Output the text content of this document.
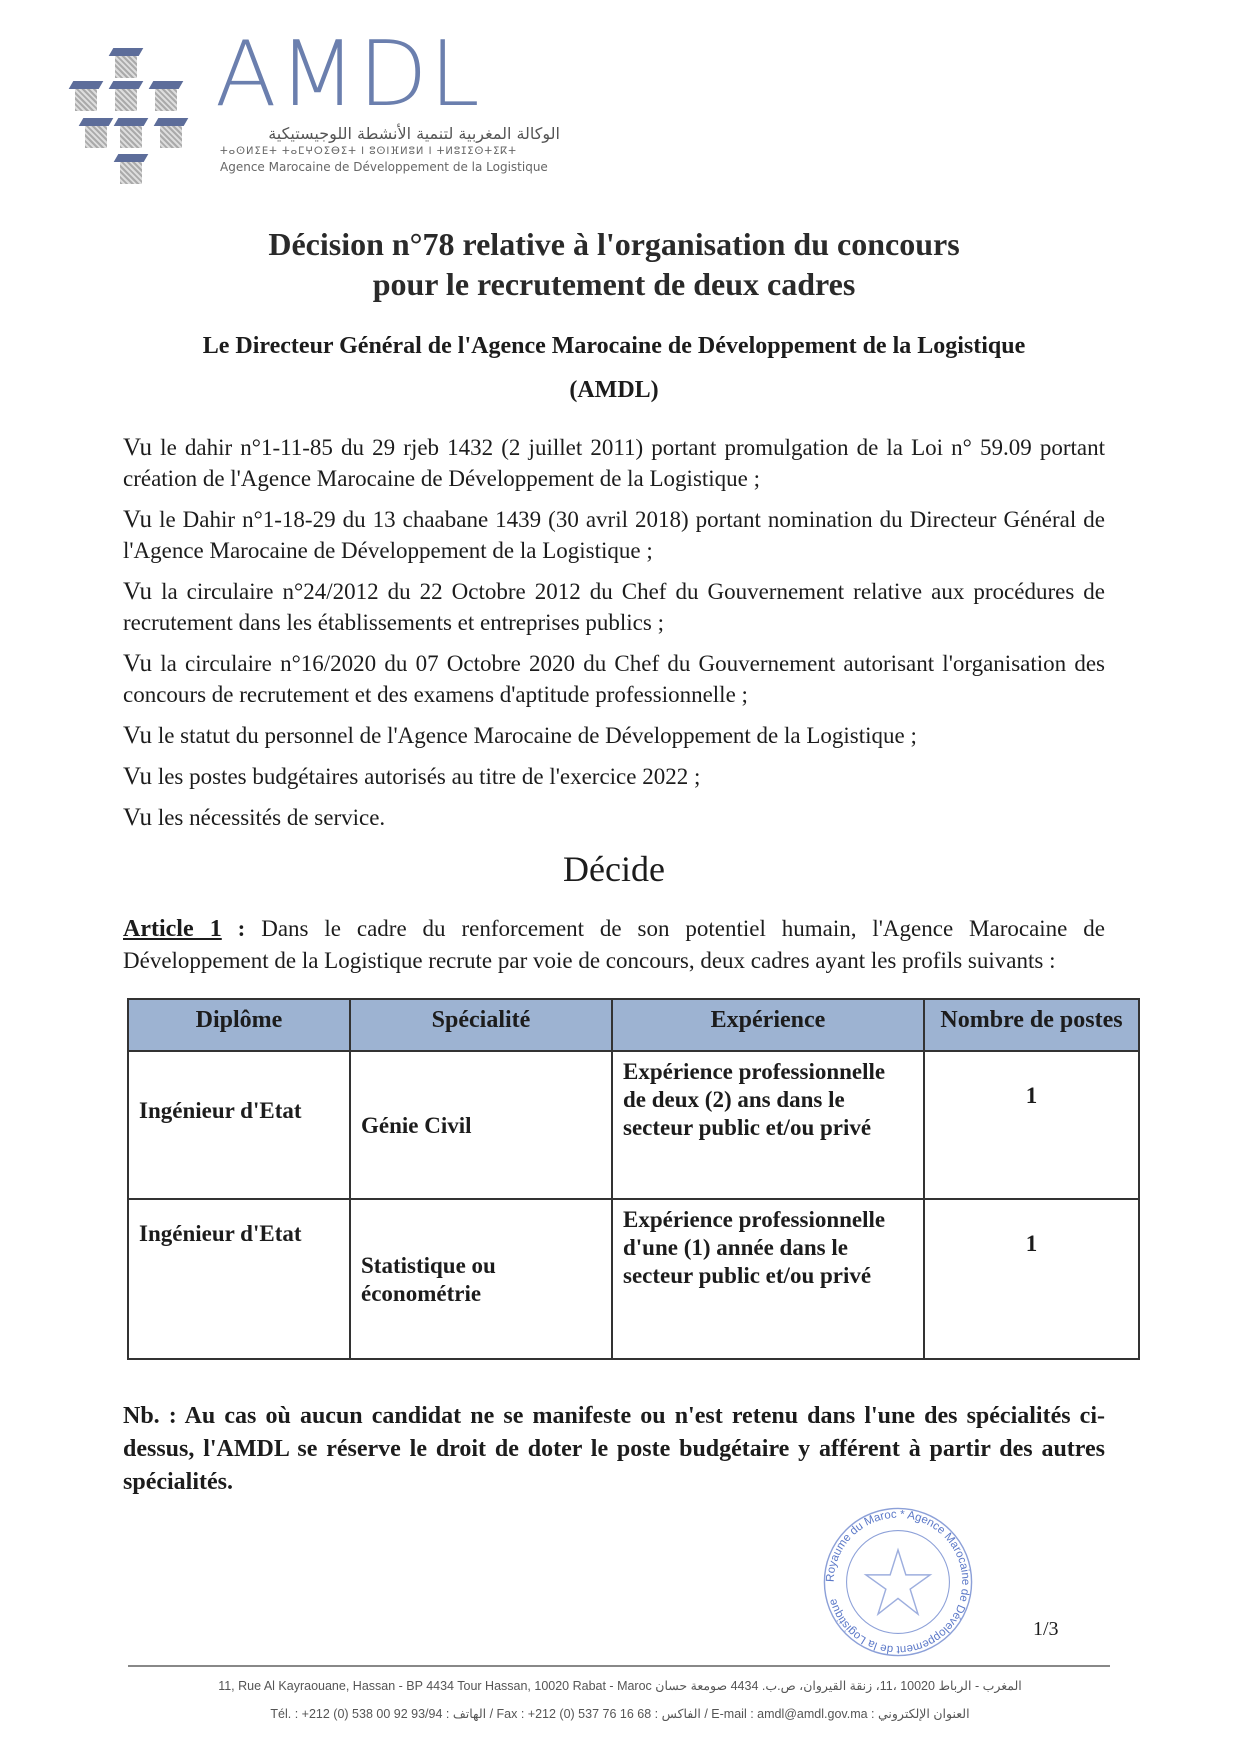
AMDL
الوكالة المغربية لتنمية الأنشطة اللوجيستيكية
ⵜⴰⵙⵍⵉⴹⵜ ⵜⴰⵎⵖⵔⵉⴱⵉⵜ ⵏ ⵓⵙⵏⴼⵍⵓⵍ ⵏ ⵜⵍⵓⵊⵉⵙⵜⵉⴽⵜ
Agence Marocaine de Développement de la Logistique
Décision n°78 relative à l'organisation du concours
pour le recrutement de deux cadres
Le Directeur Général de l'Agence Marocaine de Développement de la Logistique
(AMDL)

Vu le dahir n°1-11-85 du 29 rjeb 1432 (2 juillet 2011) portant promulgation de la Loi n° 59.09 portant création de l'Agence Marocaine de Développement de la Logistique ;

Vu le Dahir n°1-18-29 du 13 chaabane 1439 (30 avril 2018) portant nomination du Directeur Général de l'Agence Marocaine de Développement de la Logistique ;

Vu la circulaire n°24/2012 du 22 Octobre 2012 du Chef du Gouvernement relative aux procédures de recrutement dans les établissements et entreprises publics ;

Vu la circulaire n°16/2020 du 07 Octobre 2020 du Chef du Gouvernement autorisant l'organisation des concours de recrutement et des examens d'aptitude professionnelle ;

Vu le statut du personnel de l'Agence Marocaine de Développement de la Logistique ;

Vu les postes budgétaires autorisés au titre de l'exercice 2022 ;

Vu les nécessités de service.

Décide
Article 1 : Dans le cadre du renforcement de son potentiel humain, l'Agence Marocaine de Développement de la Logistique recrute par voie de concours, deux cadres ayant les profils suivants :
Diplôme	Spécialité	Expérience	Nombre de postes
Ingénieur d'Etat	Génie Civil	Expérience professionnelle de deux (2) ans dans le secteur public et/ou privé	1
Ingénieur d'Etat	Statistique ou économétrie	Expérience professionnelle d'une (1) année dans le secteur public et/ou privé	1
Nb. : Au cas où aucun candidat ne se manifeste ou n'est retenu dans l'une des spécialités ci-dessus, l'AMDL se réserve le droit de doter le poste budgétaire y afférent à partir des autres spécialités.
Royaume du Maroc * Agence Marocaine de Développement de la Logistique
1/3
11, Rue Al Kayraouane, Hassan - BP 4434 Tour Hassan, 10020 Rabat - Maroc المغرب - الرباط 10020 ،11، زنقة القيروان، ص.ب. 4434 صومعة حسان
Tél. : +212 (0) 538 00 92 93/94 : الهاتف / Fax : +212 (0) 537 76 16 68 : الفاكس / E-mail : amdl@amdl.gov.ma : العنوان الإلكتروني
